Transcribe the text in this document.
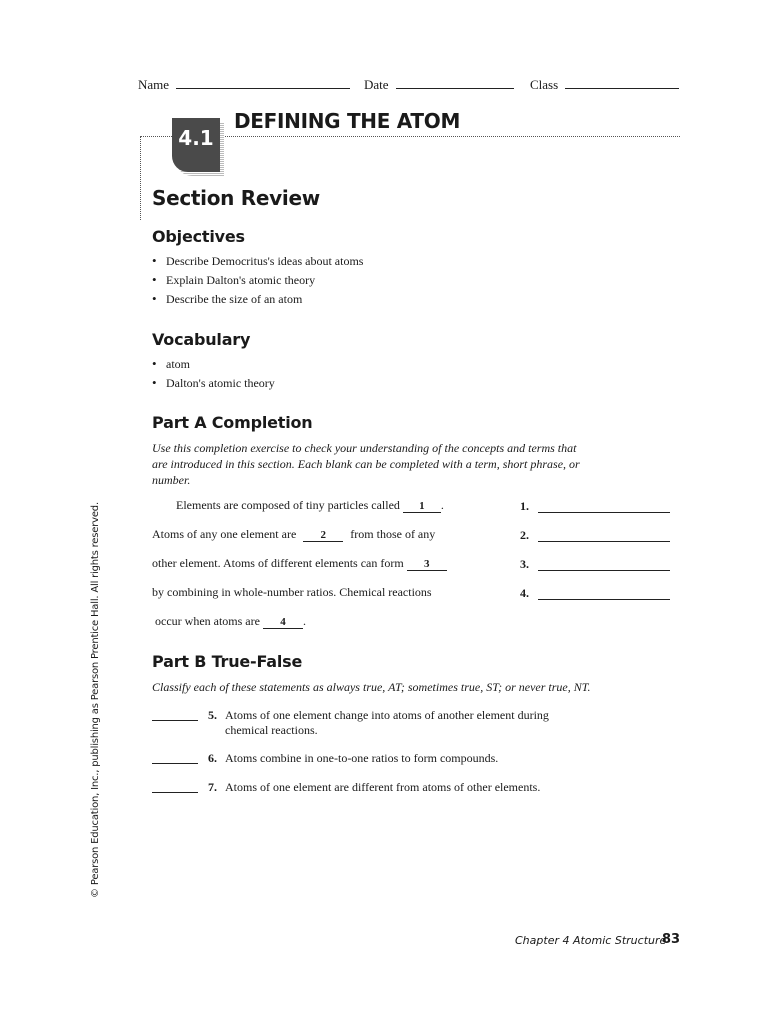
Name	Date	Class
4.1
DEFINING THE ATOM
Section Review
Objectives
• Describe Democritus's ideas about atoms
• Explain Dalton's atomic theory
• Describe the size of an atom
Vocabulary
• atom
• Dalton's atomic theory
Part A Completion
Use this completion exercise to check your understanding of the concepts and terms that are introduced in this section. Each blank can be completed with a term, short phrase, or number.
Elements are composed of tiny particles called 1 .
Atoms of any one element are 2 from those of any
other element. Atoms of different elements can form 3
by combining in whole-number ratios. Chemical reactions
occur when atoms are 4 .
1.
2.
3.
4.
Part B True-False
Classify each of these statements as always true, AT; sometimes true, ST; or never true, NT.
5. Atoms of one element change into atoms of another element during
chemical reactions.
6. Atoms combine in one-to-one ratios to form compounds.
7. Atoms of one element are different from atoms of other elements.
© Pearson Education, Inc., publishing as Pearson Prentice Hall. All rights reserved.
Chapter 4 Atomic Structure
83
